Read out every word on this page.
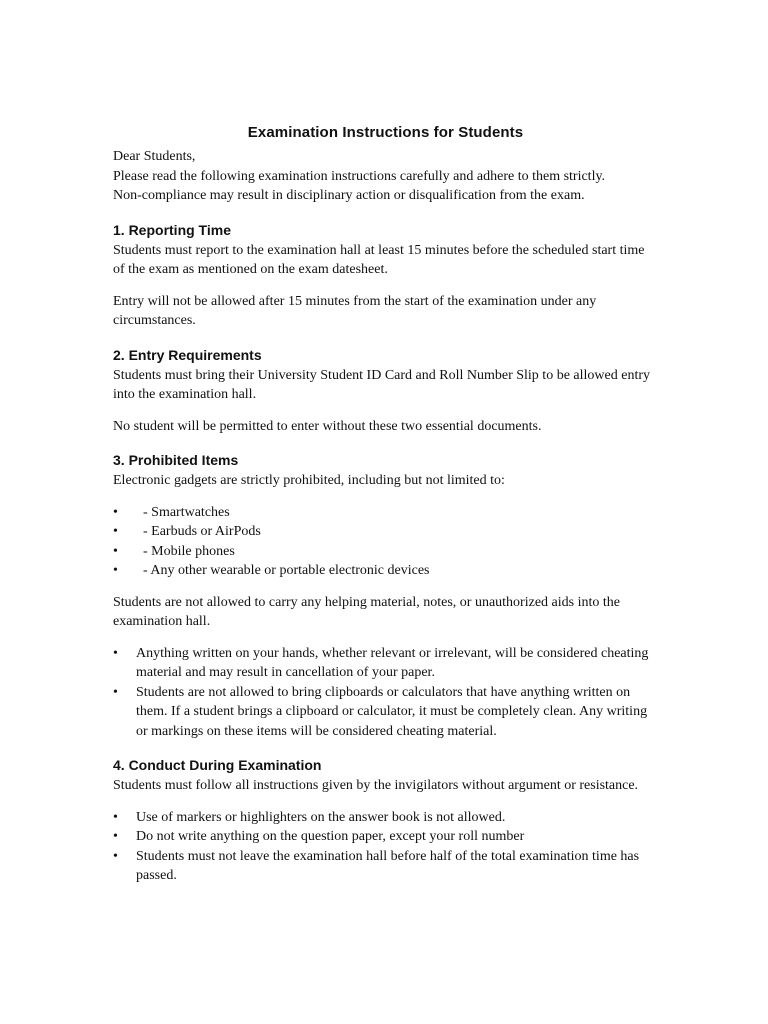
Examination Instructions for Students

Dear Students,

Please read the following examination instructions carefully and adhere to them strictly.

Non-compliance may result in disciplinary action or disqualification from the exam.

1. Reporting Time

Students must report to the examination hall at least 15 minutes before the scheduled start time of the exam as mentioned on the exam datesheet.

Entry will not be allowed after 15 minutes from the start of the examination under any circumstances.

2. Entry Requirements

Students must bring their University Student ID Card and Roll Number Slip to be allowed entry into the examination hall.

No student will be permitted to enter without these two essential documents.

3. Prohibited Items

Electronic gadgets are strictly prohibited, including but not limited to:

• - Smartwatches
• - Earbuds or AirPods
• - Mobile phones
• - Any other wearable or portable electronic devices

Students are not allowed to carry any helping material, notes, or unauthorized aids into the examination hall.

• Anything written on your hands, whether relevant or irrelevant, will be considered cheating material and may result in cancellation of your paper.
• Students are not allowed to bring clipboards or calculators that have anything written on them. If a student brings a clipboard or calculator, it must be completely clean. Any writing or markings on these items will be considered cheating material.
4. Conduct During Examination

Students must follow all instructions given by the invigilators without argument or resistance.

• Use of markers or highlighters on the answer book is not allowed.
• Do not write anything on the question paper, except your roll number
• Students must not leave the examination hall before half of the total examination time has passed.
